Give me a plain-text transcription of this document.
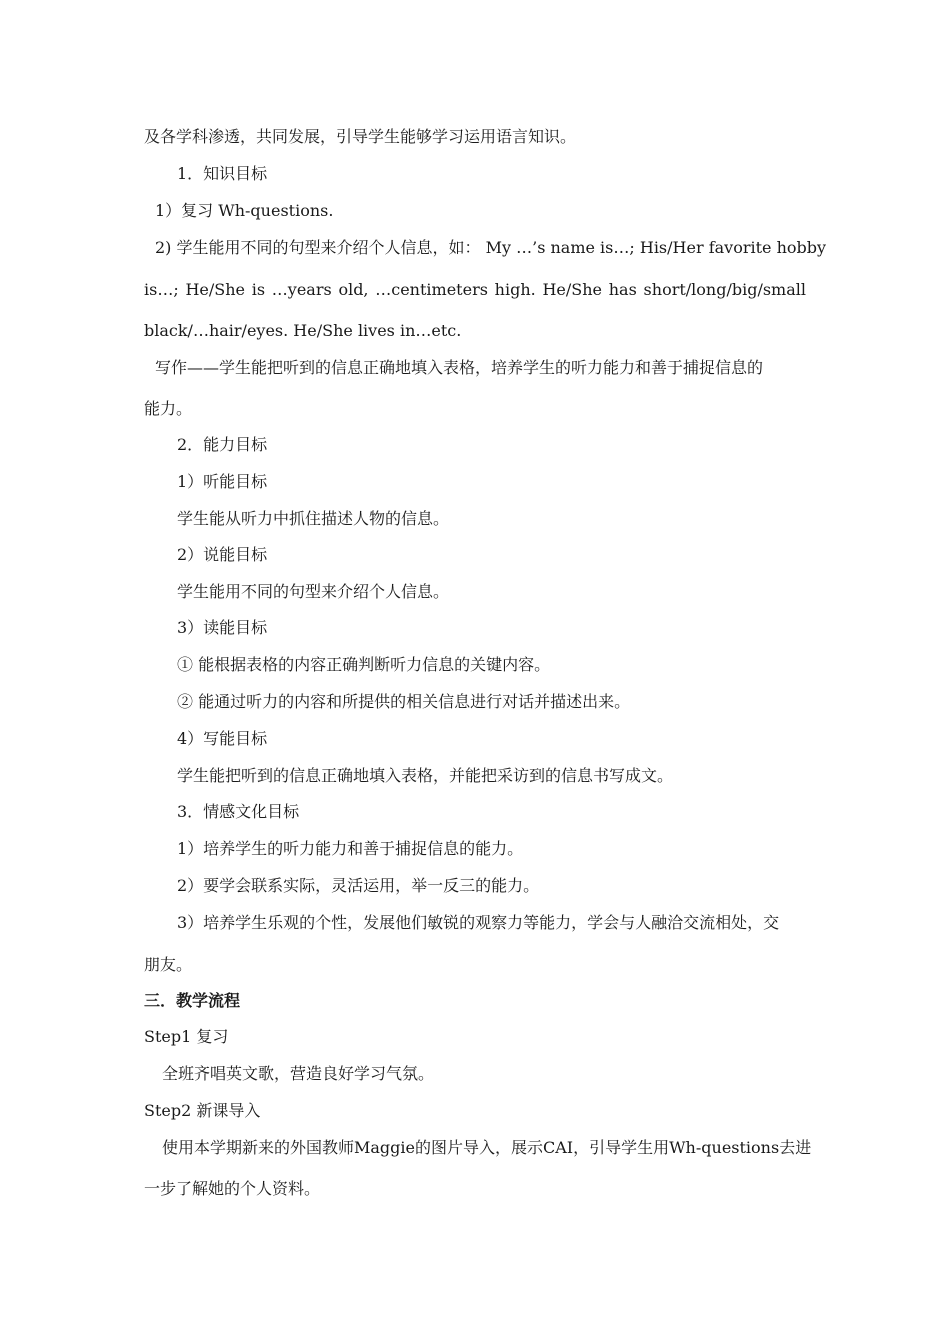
及各学科渗透，共同发展，引导学生能够学习运用语言知识。
1．知识目标
1）复习 Wh-questions.
2) 学生能用不同的句型来介绍个人信息，如： My …’s name is…; His/Her favorite hobby
is…; He/She is …years old, …centimeters high. He/She has short/long/big/small
black/…hair/eyes. He/She lives in…etc.
写作——学生能把听到的信息正确地填入表格，培养学生的听力能力和善于捕捉信息的
能力。
2．能力目标
1）听能目标
学生能从听力中抓住描述人物的信息。
2）说能目标
学生能用不同的句型来介绍个人信息。
3）读能目标
① 能根据表格的内容正确判断听力信息的关键内容。
② 能通过听力的内容和所提供的相关信息进行对话并描述出来。
4）写能目标
学生能把听到的信息正确地填入表格，并能把采访到的信息书写成文。
3．情感文化目标
1）培养学生的听力能力和善于捕捉信息的能力。
2）要学会联系实际，灵活运用，举一反三的能力。
3）培养学生乐观的个性，发展他们敏锐的观察力等能力，学会与人融洽交流相处，交
朋友。
三．教学流程
Step1 复习
全班齐唱英文歌，营造良好学习气氛。
Step2 新课导入
使用本学期新来的外国教师Maggie的图片导入，展示CAI，引导学生用Wh-questions去进
一步了解她的个人资料。
